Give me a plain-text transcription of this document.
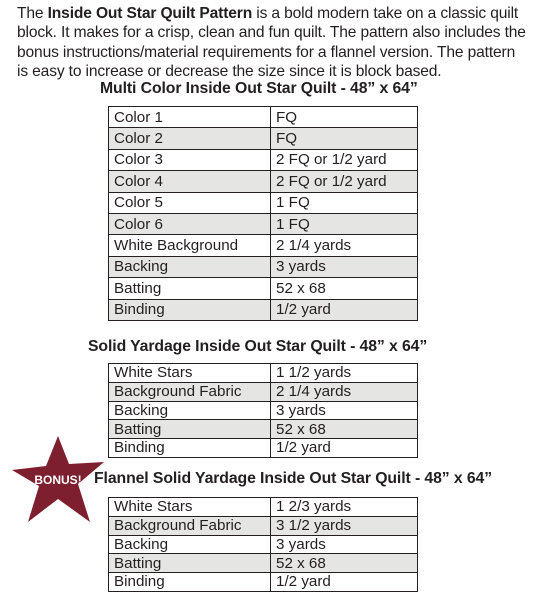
The Inside Out Star Quilt Pattern is a bold modern take on a classic quilt block. It makes for a crisp, clean and fun quilt. The pattern also includes the bonus instructions/material requirements for a flannel version. The pattern is easy to increase or decrease the size since it is block based.

Multi Color Inside Out Star Quilt - 48” x 64”
Color 1	FQ
Color 2	FQ
Color 3	2 FQ or 1/2 yard
Color 4	2 FQ or 1/2 yard
Color 5	1 FQ
Color 6	1 FQ
White Background	2 1/4 yards
Backing	3 yards
Batting	52 x 68
Binding	1/2 yard
Solid Yardage Inside Out Star Quilt - 48” x 64”
White Stars	1 1/2 yards
Background Fabric	2 1/4 yards
Backing	3 yards
Batting	52 x 68
Binding	1/2 yard
BONUS! Flannel Solid Yardage Inside Out Star Quilt - 48” x 64”
White Stars	1 2/3 yards
Background Fabric	3 1/2 yards
Backing	3 yards
Batting	52 x 68
Binding	1/2 yard
